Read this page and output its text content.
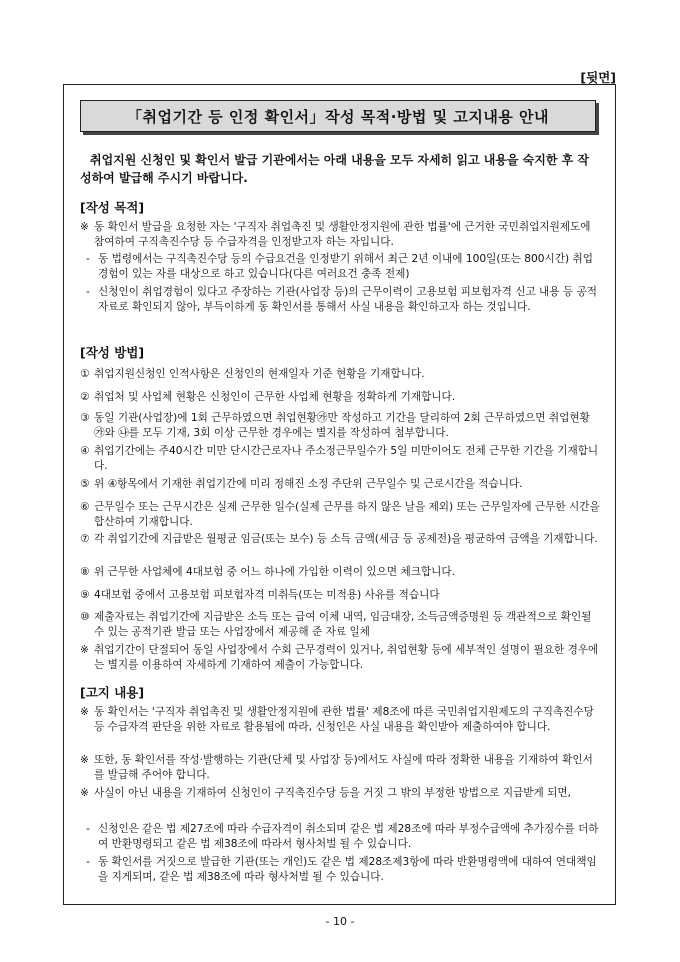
[뒷면]
「취업기간 등 인정 확인서」작성 목적·방법 및 고지내용 안내
취업지원 신청인 및 확인서 발급 기관에서는 아래 내용을 모두 자세히 읽고 내용을 숙지한 후 작성하여 발급해 주시기 바랍니다.
[작성 목적]
※ 동 확인서 발급을 요청한 자는 '구직자 취업촉진 및 생활안정지원에 관한 법률'에 근거한 국민취업지원제도에 참여하여 구직촉진수당 등 수급자격을 인정받고자 하는 자입니다.
- 동 법령에서는 구직촉진수당 등의 수급요건을 인정받기 위해서 최근 2년 이내에 100일(또는 800시간) 취업경험이 있는 자를 대상으로 하고 있습니다(다른 여러요건 충족 전제)
- 신청인이 취업경험이 있다고 주장하는 기관(사업장 등)의 근무이력이 고용보험 피보험자격 신고 내용 등 공적자료로 확인되지 않아, 부득이하게 동 확인서를 통해서 사실 내용을 확인하고자 하는 것입니다.
[작성 방법]
① 취업지원신청인 인적사항은 신청인의 현재일자 기준 현황을 기재합니다.
② 취업처 및 사업체 현황은 신청인이 근무한 사업체 현황을 정확하게 기재합니다.
③ 동일 기관(사업장)에 1회 근무하였으면 취업현황㉮만 작성하고 기간을 달리하여 2회 근무하였으면 취업현황 ㉮와 ㉯를 모두 기재, 3회 이상 근무한 경우에는 별지를 작성하여 첨부합니다.
④ 취업기간에는 주40시간 미만 단시간근로자나 주소정근무일수가 5일 미만이어도 전체 근무한 기간을 기재합니다.
⑤ 위 ④항목에서 기재한 취업기간에 미리 정해진 소정 주단위 근무일수 및 근로시간을 적습니다.
⑥ 근무일수 또는 근무시간은 실제 근무한 일수(실제 근무를 하지 않은 날을 제외) 또는 근무일자에 근무한 시간을 합산하여 기재합니다.
⑦ 각 취업기간에 지급받은 월평균 임금(또는 보수) 등 소득 금액(세금 등 공제전)을 평균하여 금액을 기재합니다.
⑧ 위 근무한 사업체에 4대보험 중 어느 하나에 가입한 이력이 있으면 체크합니다.
⑨ 4대보험 중에서 고용보험 피보험자격 미취득(또는 미적용) 사유를 적습니다
⑩ 제출자료는 취업기간에 지급받은 소득 또는 급여 이체 내역, 임금대장, 소득금액증명원 등 객관적으로 확인될 수 있는 공적기관 발급 또는 사업장에서 제공해 준 자료 일체
※ 취업기간이 단절되어 동일 사업장에서 수회 근무경력이 있거나, 취업현황 등에 세부적인 설명이 필요한 경우에는 별지를 이용하여 자세하게 기재하여 제출이 가능합니다.
[고지 내용]
※ 동 확인서는 '구직자 취업촉진 및 생활안정지원에 관한 법률' 제8조에 따른 국민취업지원제도의 구직촉진수당 등 수급자격 판단을 위한 자료로 활용됨에 따라, 신청인은 사실 내용을 확인받아 제출하여야 합니다.
※ 또한, 동 확인서를 작성·발행하는 기관(단체 및 사업장 등)에서도 사실에 따라 정확한 내용을 기재하여 확인서를 발급해 주어야 합니다.
※ 사실이 아닌 내용을 기재하여 신청인이 구직촉진수당 등을 거짓 그 밖의 부정한 방법으로 지급받게 되면,
- 신청인은 같은 법 제27조에 따라 수급자격이 취소되며 같은 법 제28조에 따라 부정수급액에 추가징수를 더하여 반환명령되고 같은 법 제38조에 따라서 형사처벌 될 수 있습니다.
- 동 확인서를 거짓으로 발급한 기관(또는 개인)도 같은 법 제28조제3항에 따라 반환명령액에 대하여 연대책임을 지게되며, 같은 법 제38조에 따라 형사처벌 될 수 있습니다.
- 10 -
